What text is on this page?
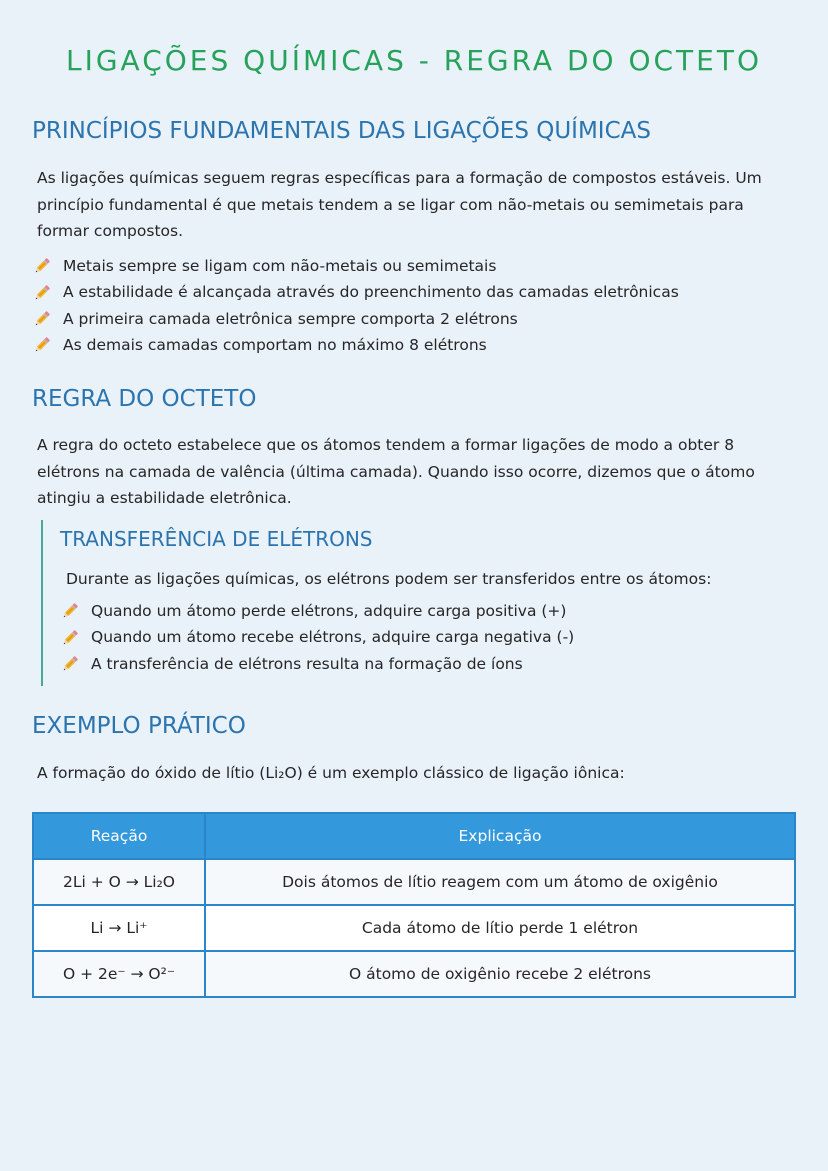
LIGAÇÕES QUÍMICAS - REGRA DO OCTETO
PRINCÍPIOS FUNDAMENTAIS DAS LIGAÇÕES QUÍMICAS

As ligações químicas seguem regras específicas para a formação de compostos estáveis. Um princípio fundamental é que metais tendem a se ligar com não-metais ou semimetais para formar compostos.

Metais sempre se ligam com não-metais ou semimetais
A estabilidade é alcançada através do preenchimento das camadas eletrônicas
A primeira camada eletrônica sempre comporta 2 elétrons
As demais camadas comportam no máximo 8 elétrons
REGRA DO OCTETO

A regra do octeto estabelece que os átomos tendem a formar ligações de modo a obter 8 elétrons na camada de valência (última camada). Quando isso ocorre, dizemos que o átomo atingiu a estabilidade eletrônica.

TRANSFERÊNCIA DE ELÉTRONS

Durante as ligações químicas, os elétrons podem ser transferidos entre os átomos:

Quando um átomo perde elétrons, adquire carga positiva (+)
Quando um átomo recebe elétrons, adquire carga negativa (-)
A transferência de elétrons resulta na formação de íons
EXEMPLO PRÁTICO

A formação do óxido de lítio (Li₂O) é um exemplo clássico de ligação iônica:

Reação	Explicação
2Li + O → Li₂O	Dois átomos de lítio reagem com um átomo de oxigênio
Li → Li⁺	Cada átomo de lítio perde 1 elétron
O + 2e⁻ → O²⁻	O átomo de oxigênio recebe 2 elétrons
